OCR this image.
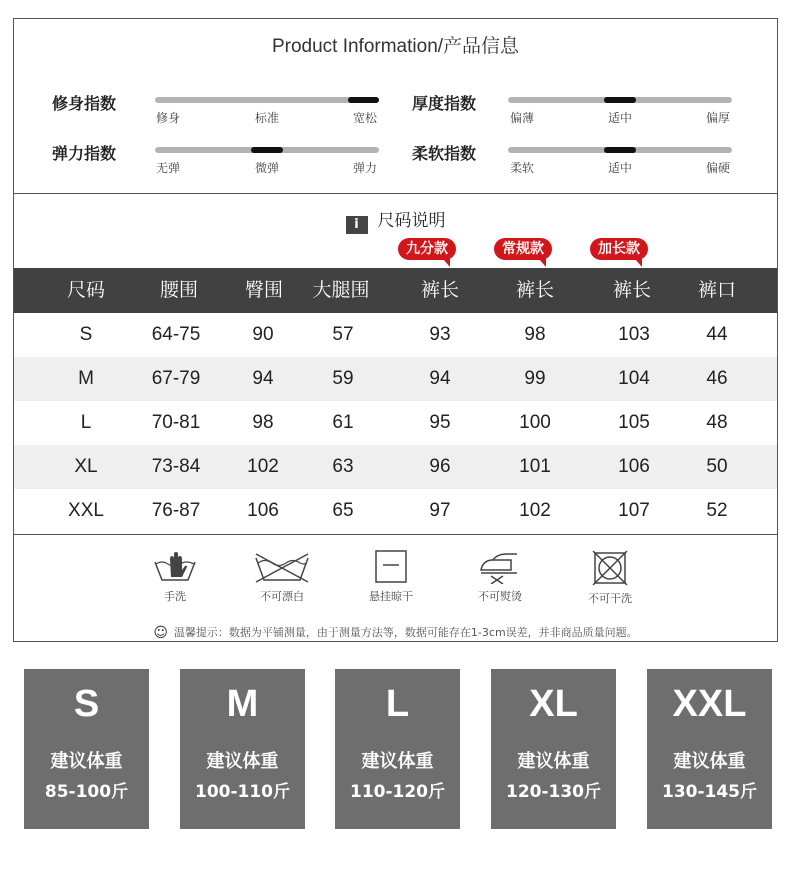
Product Information/产品信息
修身指数
修身	标准	宽松
厚度指数
偏薄	适中	偏厚
弹力指数
无弹	微弹	弹力
柔软指数
柔软	适中	偏硬
i 尺码说明
九分款	常规款	加长款
尺码	腰围 臀围 大腿围	裤长	裤长	裤长 裤口
S	64-75	90	57	93	98	103	44
M	67-79	94	59	94	99	104	46
L	70-81	98	61	95	100	105	48
XL	73-84 102	63	96	101	106	50
XXL	76-87 106	65	97	102	107	52
手洗	不可漂白	悬挂晾干	不可熨烫	不可干洗
☺ 温馨提示：数据为平铺测量，由于测量方法等，数据可能存在1-3cm误差，并非商品质量问题。
S
建议体重
85-100斤
M
建议体重
100-110斤
L
建议体重
110-120斤
XL
建议体重
120-130斤
XXL
建议体重
130-145斤
